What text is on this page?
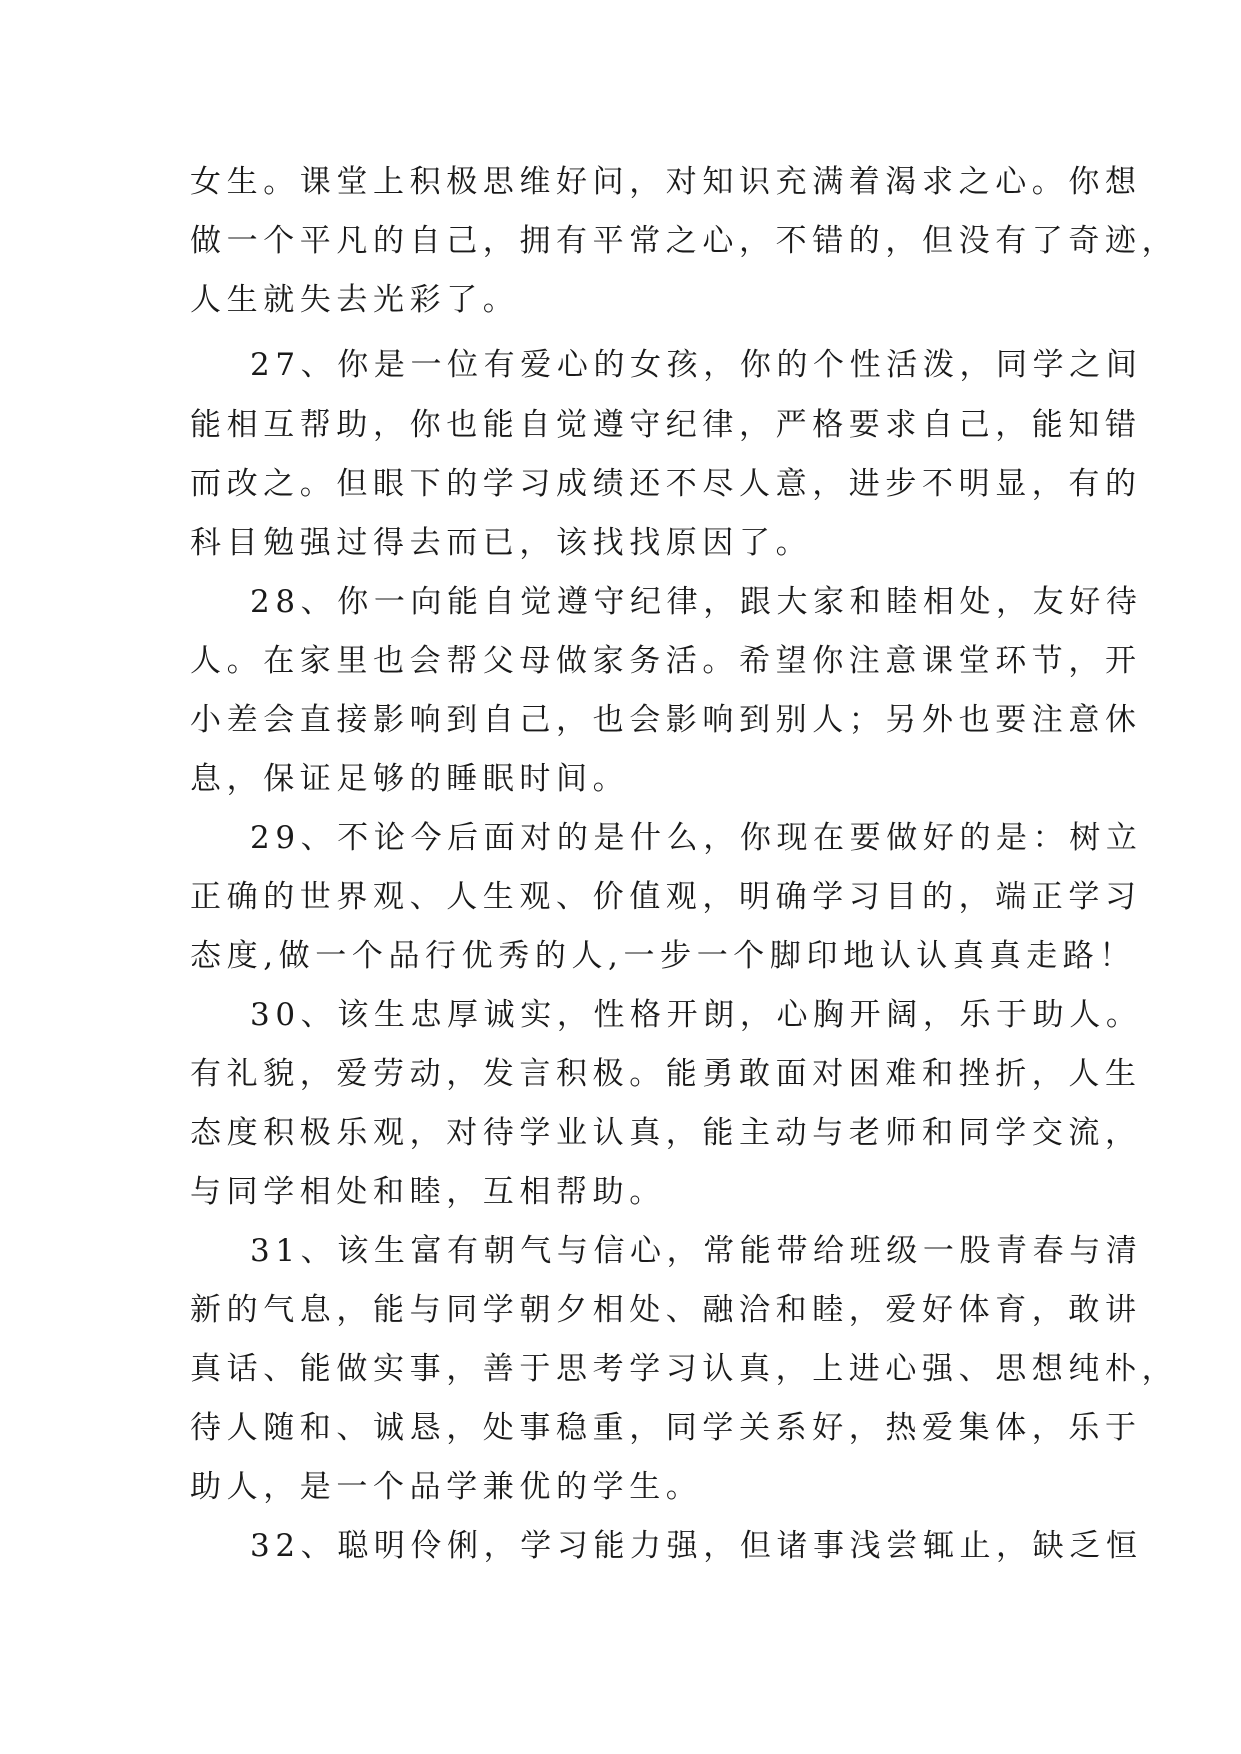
女生。课堂上积极思维好问，对知识充满着渴求之心。你想
做一个平凡的自己，拥有平常之心，不错的，但没有了奇迹，
人生就失去光彩了。
27、你是一位有爱心的女孩，你的个性活泼，同学之间
能相互帮助，你也能自觉遵守纪律，严格要求自己，能知错
而改之。但眼下的学习成绩还不尽人意，进步不明显，有的
科目勉强过得去而已，该找找原因了。
28、你一向能自觉遵守纪律，跟大家和睦相处，友好待
人。在家里也会帮父母做家务活。希望你注意课堂环节，开
小差会直接影响到自己，也会影响到别人；另外也要注意休
息，保证足够的睡眠时间。
29、不论今后面对的是什么，你现在要做好的是：树立
正确的世界观、人生观、价值观，明确学习目的，端正学习
态度,做一个品行优秀的人,一步一个脚印地认认真真走路！
30、该生忠厚诚实，性格开朗，心胸开阔，乐于助人。
有礼貌，爱劳动，发言积极。能勇敢面对困难和挫折，人生
态度积极乐观，对待学业认真，能主动与老师和同学交流，
与同学相处和睦，互相帮助。
31、该生富有朝气与信心，常能带给班级一股青春与清
新的气息，能与同学朝夕相处、融洽和睦，爱好体育，敢讲
真话、能做实事，善于思考学习认真，上进心强、思想纯朴，
待人随和、诚恳，处事稳重，同学关系好，热爱集体，乐于
助人，是一个品学兼优的学生。
32、聪明伶俐，学习能力强，但诸事浅尝辄止，缺乏恒
